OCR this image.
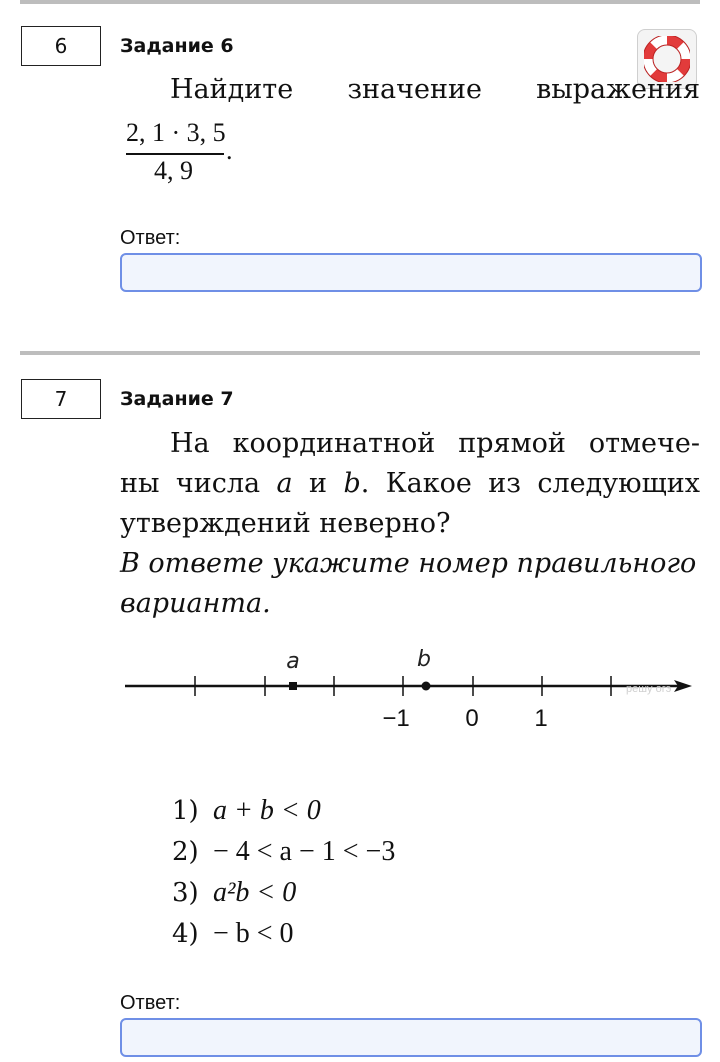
6	Задание 6
Найдите значение выражения
2, 1 · 3, 5
4, 9
.
Ответ:
7	Задание 7
На координатной прямой отмече-
ны числа a и b. Какое из следующих
утверждений неверно?
В ответе укажите номер правильного
варианта.
a	b
−1 0 1
решу огэ
1) a + b < 0
2) − 4 < a − 1 < −3
3) a²b < 0
4) − b < 0
Ответ:
